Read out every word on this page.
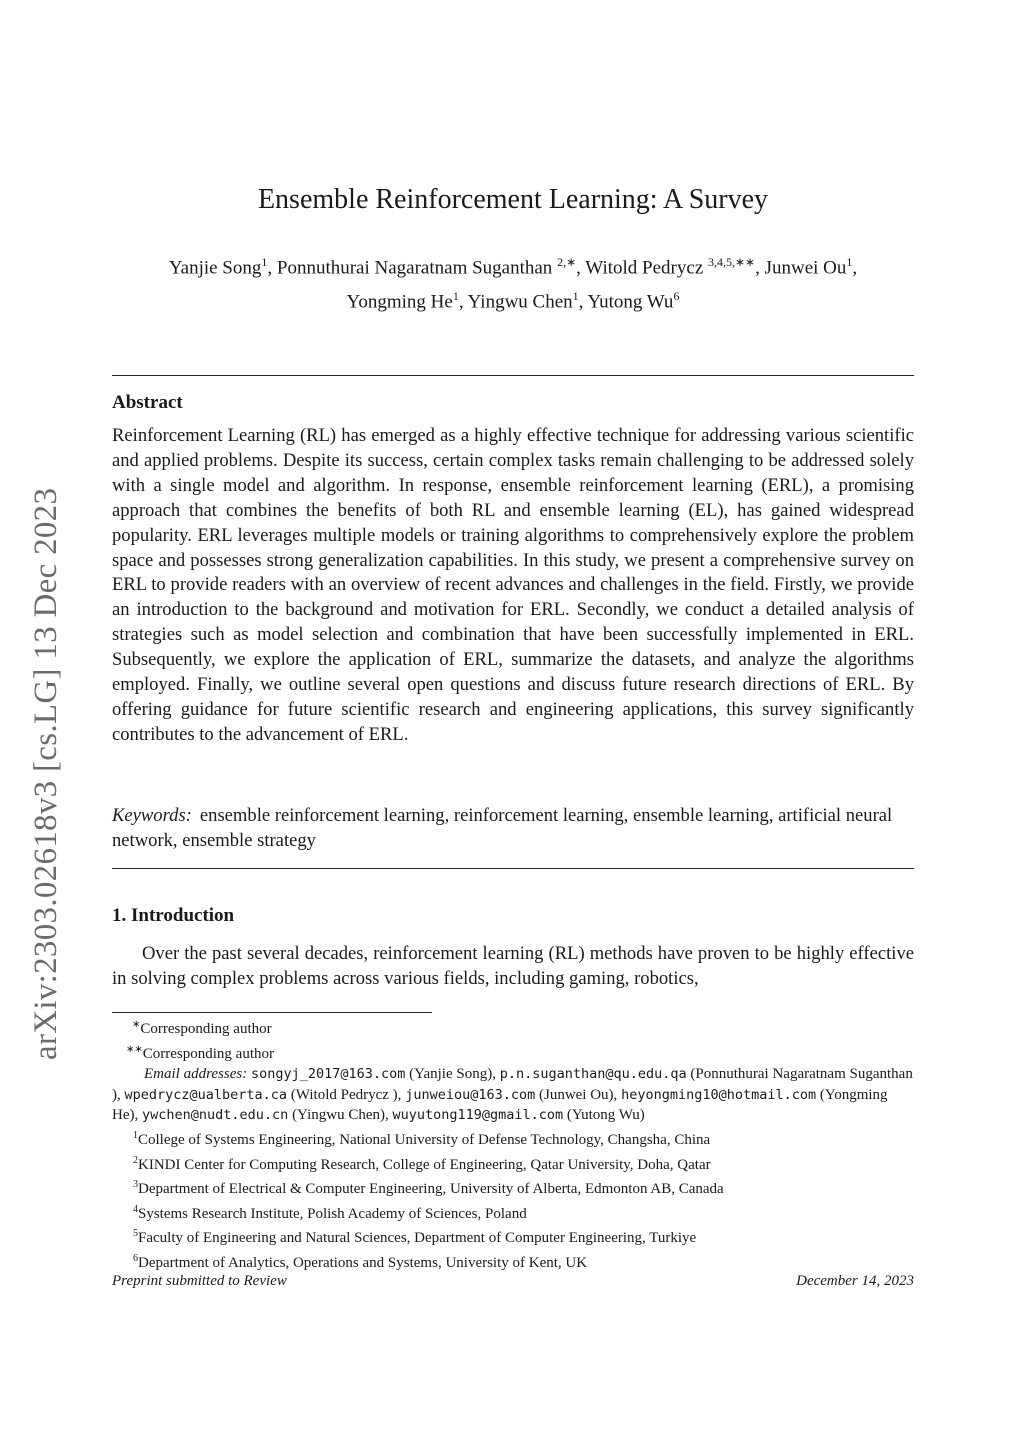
arXiv:2303.02618v3 [cs.LG] 13 Dec 2023
Ensemble Reinforcement Learning: A Survey
Yanjie Song$^1$, Ponnuthurai Nagaratnam Suganthan $^{2,∗}$, Witold Pedrycz $^{3,4,5,∗∗}$, Junwei Ou$^1$,
Yongming He$^1$, Yingwu Chen$^1$, Yutong Wu$^6$
Abstract
Reinforcement Learning (RL) has emerged as a highly effective technique for addressing various scientific and applied problems. Despite its success, certain complex tasks remain challenging to be addressed solely with a single model and algorithm. In response, ensemble reinforcement learning (ERL), a promising approach that combines the benefits of both RL and ensemble learning (EL), has gained widespread popularity. ERL leverages multiple models or training algorithms to comprehensively explore the problem space and possesses strong generalization capabilities. In this study, we present a comprehensive survey on ERL to provide readers with an overview of recent advances and challenges in the field. Firstly, we provide an introduction to the background and motivation for ERL. Secondly, we conduct a detailed analysis of strategies such as model selection and combination that have been successfully implemented in ERL. Subsequently, we explore the application of ERL, summarize the datasets, and analyze the algorithms employed. Finally, we outline several open questions and discuss future research directions of ERL. By offering guidance for future scientific research and engineering applications, this survey significantly contributes to the advancement of ERL.
Keywords: ensemble reinforcement learning, reinforcement learning, ensemble learning, artificial neural network, ensemble strategy
1. Introduction
Over the past several decades, reinforcement learning (RL) methods have proven to be highly effective in solving complex problems across various fields, including gaming, robotics,
∗Corresponding author
∗∗Corresponding author
Email addresses: songyj_2017@163.com (Yanjie Song), p.n.suganthan@qu.edu.qa (Ponnuthurai Nagaratnam Suganthan ), wpedrycz@ualberta.ca (Witold Pedrycz ), junweiou@163.com (Junwei Ou), heyongming10@hotmail.com (Yongming He), ywchen@nudt.edu.cn (Yingwu Chen), wuyutong119@gmail.com (Yutong Wu)
$^1$College of Systems Engineering, National University of Defense Technology, Changsha, China
$^2$KINDI Center for Computing Research, College of Engineering, Qatar University, Doha, Qatar
$^3$Department of Electrical & Computer Engineering, University of Alberta, Edmonton AB, Canada
$^4$Systems Research Institute, Polish Academy of Sciences, Poland
$^5$Faculty of Engineering and Natural Sciences, Department of Computer Engineering, Turkiye
$^6$Department of Analytics, Operations and Systems, University of Kent, UK
Preprint submitted to Review	December 14, 2023
